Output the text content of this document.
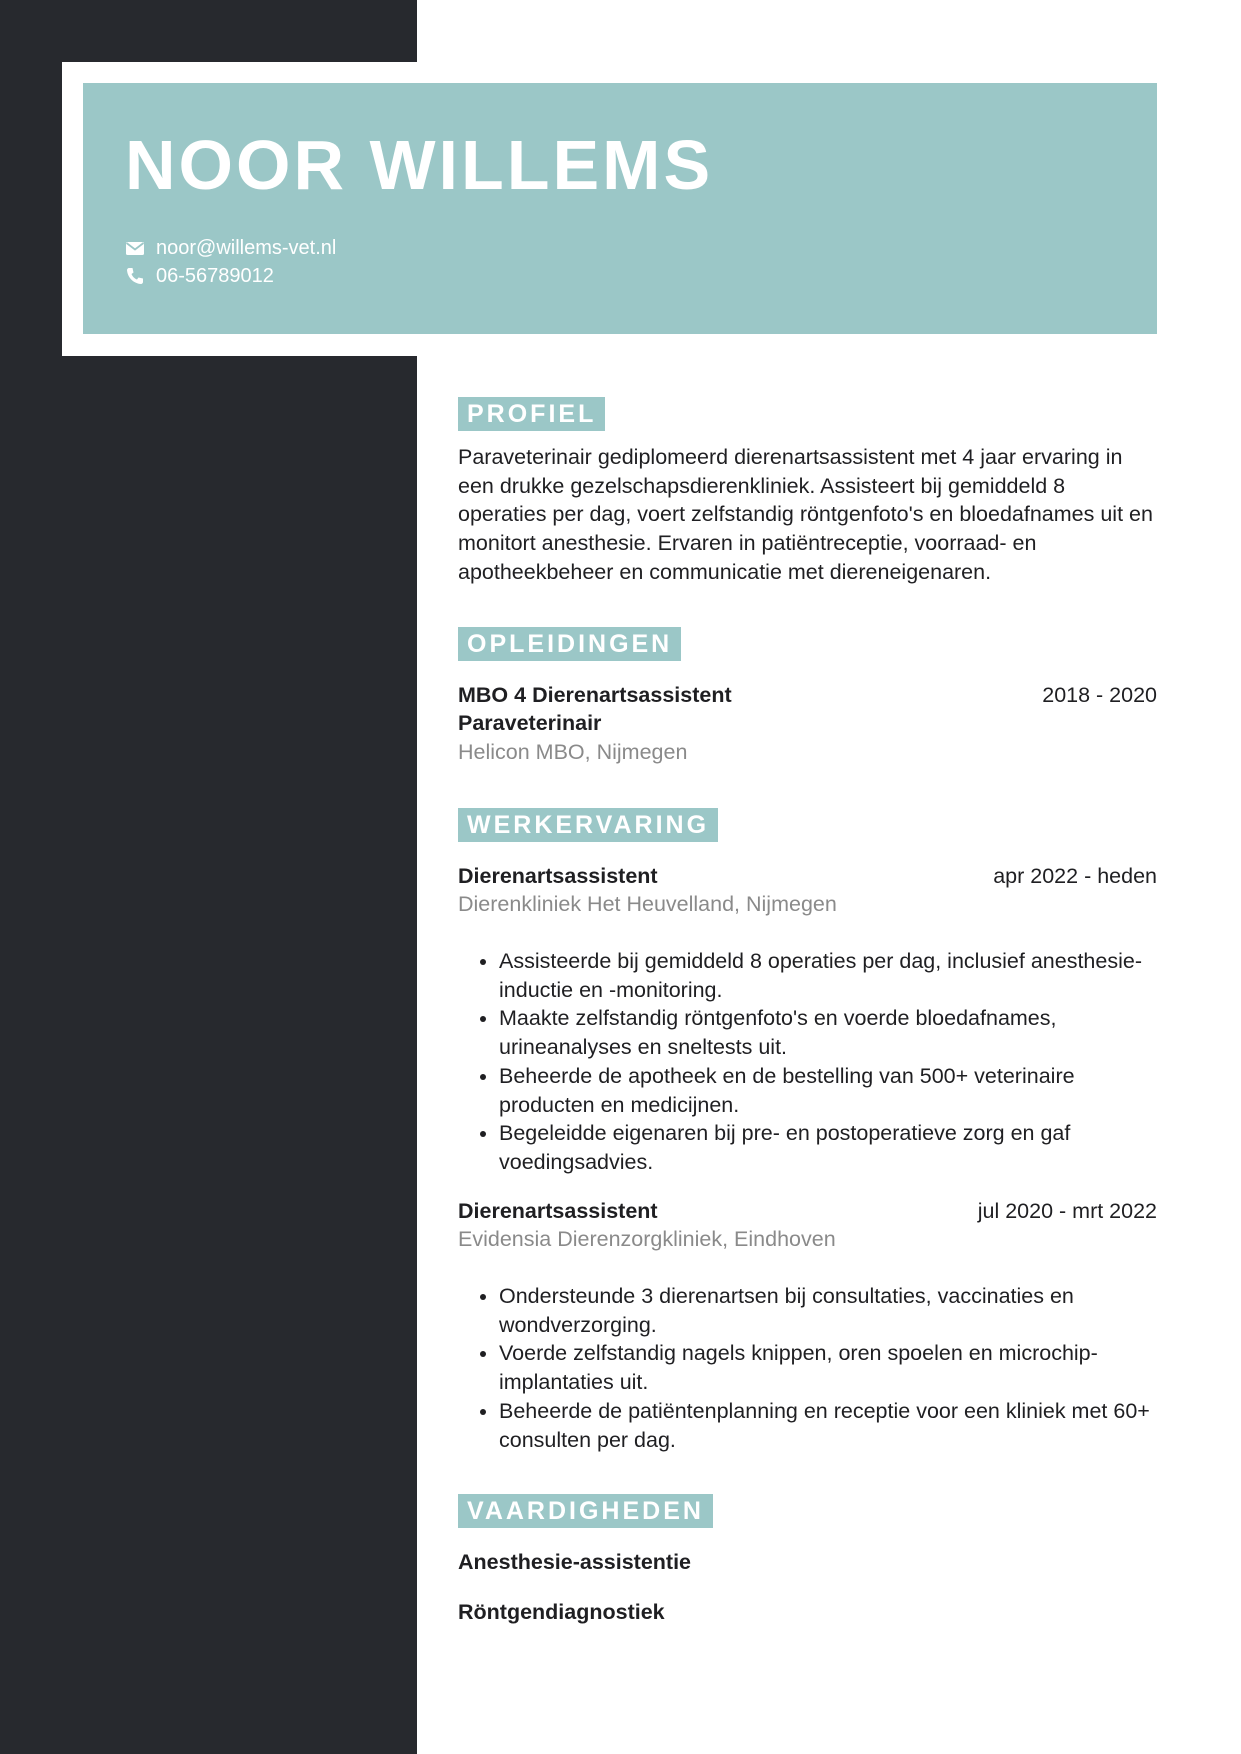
NOOR WILLEMS
noor@willems-vet.nl
06-56789012
PROFIEL

Paraveterinair gediplomeerd dierenartsassistent met 4 jaar ervaring in een drukke gezelschapsdierenkliniek. Assisteert bij gemiddeld 8 operaties per dag, voert zelfstandig röntgenfoto's en bloedafnames uit en monitort anesthesie. Ervaren in patiëntreceptie, voorraad- en apotheekbeheer en communicatie met diereneigenaren.

OPLEIDINGEN
MBO 4 Dierenartsassistent Paraveterinair
2018 - 2020
Helicon MBO, Nijmegen
WERKERVARING
Dierenartsassistent	apr 2022 - heden
Dierenkliniek Het Heuvelland, Nijmegen
• Assisteerde bij gemiddeld 8 operaties per dag, inclusief anesthesie-inductie en -monitoring.
• Maakte zelfstandig röntgenfoto's en voerde bloedafnames, urineanalyses en sneltests uit.
• Beheerde de apotheek en de bestelling van 500+ veterinaire producten en medicijnen.
• Begeleidde eigenaren bij pre- en postoperatieve zorg en gaf voedingsadvies.
Dierenartsassistent	jul 2020 - mrt 2022
Evidensia Dierenzorgkliniek, Eindhoven
• Ondersteunde 3 dierenartsen bij consultaties, vaccinaties en wondverzorging.
• Voerde zelfstandig nagels knippen, oren spoelen en microchip-implantaties uit.
• Beheerde de patiëntenplanning en receptie voor een kliniek met 60+ consulten per dag.
VAARDIGHEDEN
Anesthesie-assistentie
Röntgendiagnostiek
